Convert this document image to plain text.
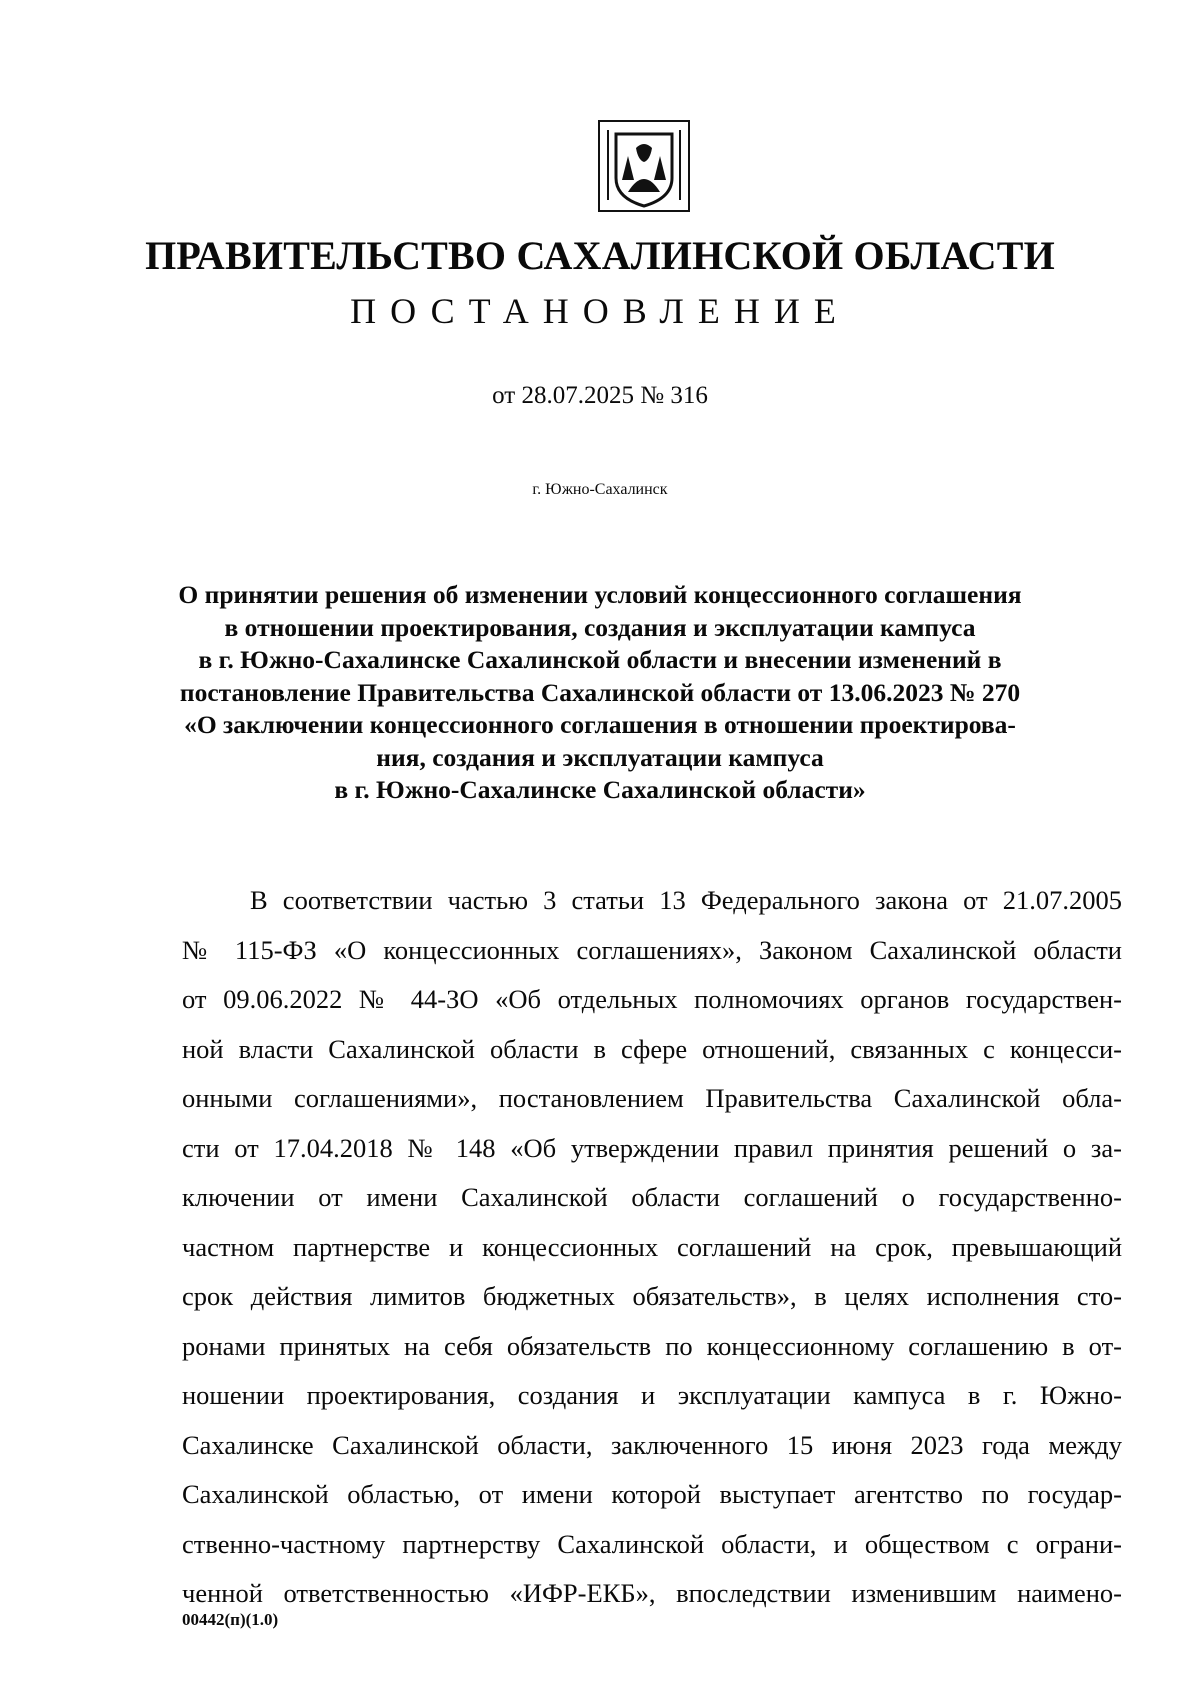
ПРАВИТЕЛЬСТВО САХАЛИНСКОЙ ОБЛАСТИ
ПОСТАНОВЛЕНИЕ
от 28.07.2025 № 316
г. Южно-Сахалинск
О принятии решения об изменении условий концессионного соглашения
в отношении проектирования, создания и эксплуатации кампуса
в г. Южно-Сахалинске Сахалинской области и внесении изменений в
постановление Правительства Сахалинской области от 13.06.2023 № 270
«О заключении концессионного соглашения в отношении проектирова-
ния, создания и эксплуатации кампуса
в г. Южно-Сахалинске Сахалинской области»
В соответствии частью 3 статьи 13 Федерального закона от 21.07.2005
№ 115-ФЗ «О концессионных соглашениях», Законом Сахалинской области
от 09.06.2022 № 44-ЗО «Об отдельных полномочиях органов государствен-
ной власти Сахалинской области в сфере отношений, связанных с концесси-
онными соглашениями», постановлением Правительства Сахалинской обла-
сти от 17.04.2018 № 148 «Об утверждении правил принятия решений о за-
ключении от имени Сахалинской области соглашений о государственно-
частном партнерстве и концессионных соглашений на срок, превышающий
срок действия лимитов бюджетных обязательств», в целях исполнения сто-
ронами принятых на себя обязательств по концессионному соглашению в от-
ношении проектирования, создания и эксплуатации кампуса в г. Южно-
Сахалинске Сахалинской области, заключенного 15 июня 2023 года между
Сахалинской областью, от имени которой выступает агентство по государ-
ственно-частному партнерству Сахалинской области, и обществом с ограни-
ченной ответственностью «ИФР-ЕКБ», впоследствии изменившим наимено-
00442(п)(1.0)
